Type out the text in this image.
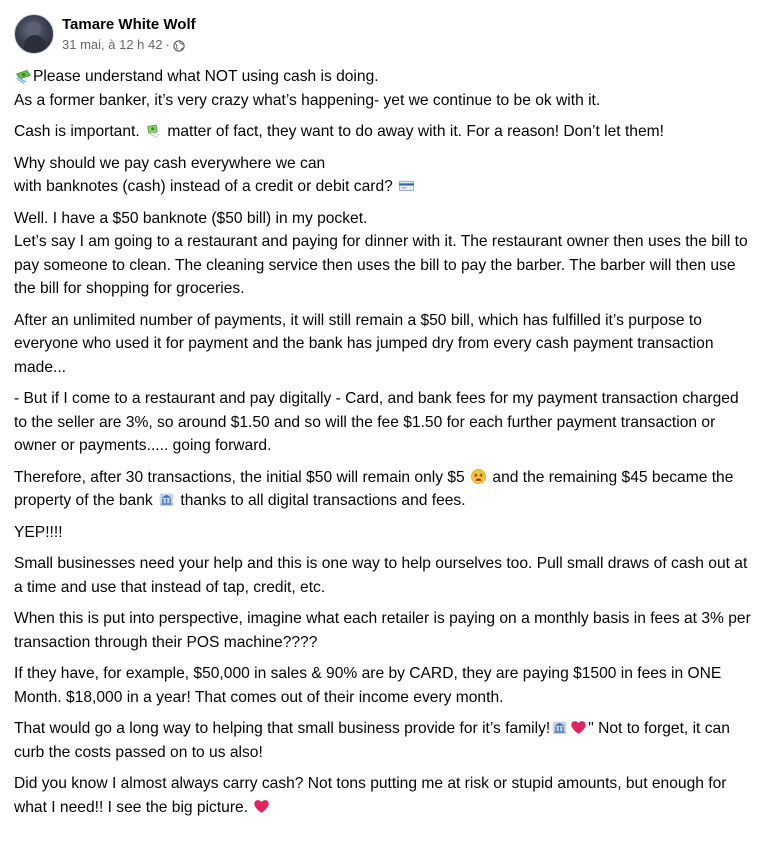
Tamare White Wolf
31 mai, à 12 h 42 ·
Please understand what NOT using cash is doing.
As a former banker, it’s very crazy what’s happening- yet we continue to be ok with it.
Cash is important.
matter of fact, they want to do away with it. For a reason! Don’t let them!
Why should we pay cash everywhere we can
with banknotes (cash) instead of a credit or debit card?
Well. I have a $50 banknote ($50 bill) in my pocket.
Let’s say I am going to a restaurant and paying for dinner with it. The restaurant owner then uses the bill to pay someone to clean. The cleaning service then uses the bill to pay the barber. The barber will then use the bill for shopping for groceries.
After an unlimited number of payments, it will still remain a $50 bill, which has fulfilled it’s purpose to everyone who used it for payment and the bank has jumped dry from every cash payment transaction made...
- But if I come to a restaurant and pay digitally - Card, and bank fees for my payment transaction charged to the seller are 3%, so around $1.50 and so will the fee $1.50 for each further payment transaction or owner or payments..... going forward.
Therefore, after 30 transactions, the initial $50 will remain only $5
and the remaining $45 became the property of the bank
thanks to all digital transactions and fees.
YEP!!!!
Small businesses need your help and this is one way to help ourselves too. Pull small draws of cash out at a time and use that instead of tap, credit, etc.
When this is put into perspective, imagine what each retailer is paying on a monthly basis in fees at 3% per transaction through their POS machine????
If they have, for example, $50,000 in sales & 90% are by CARD, they are paying $1500 in fees in ONE Month. $18,000 in a year! That comes out of their income every month.
That would go a long way to helping that small business provide for it’s family! " Not to forget, it can curb the costs passed on to us also!
Did you know I almost always carry cash? Not tons putting me at risk or stupid amounts, but enough for what I need!! I see the big picture.
